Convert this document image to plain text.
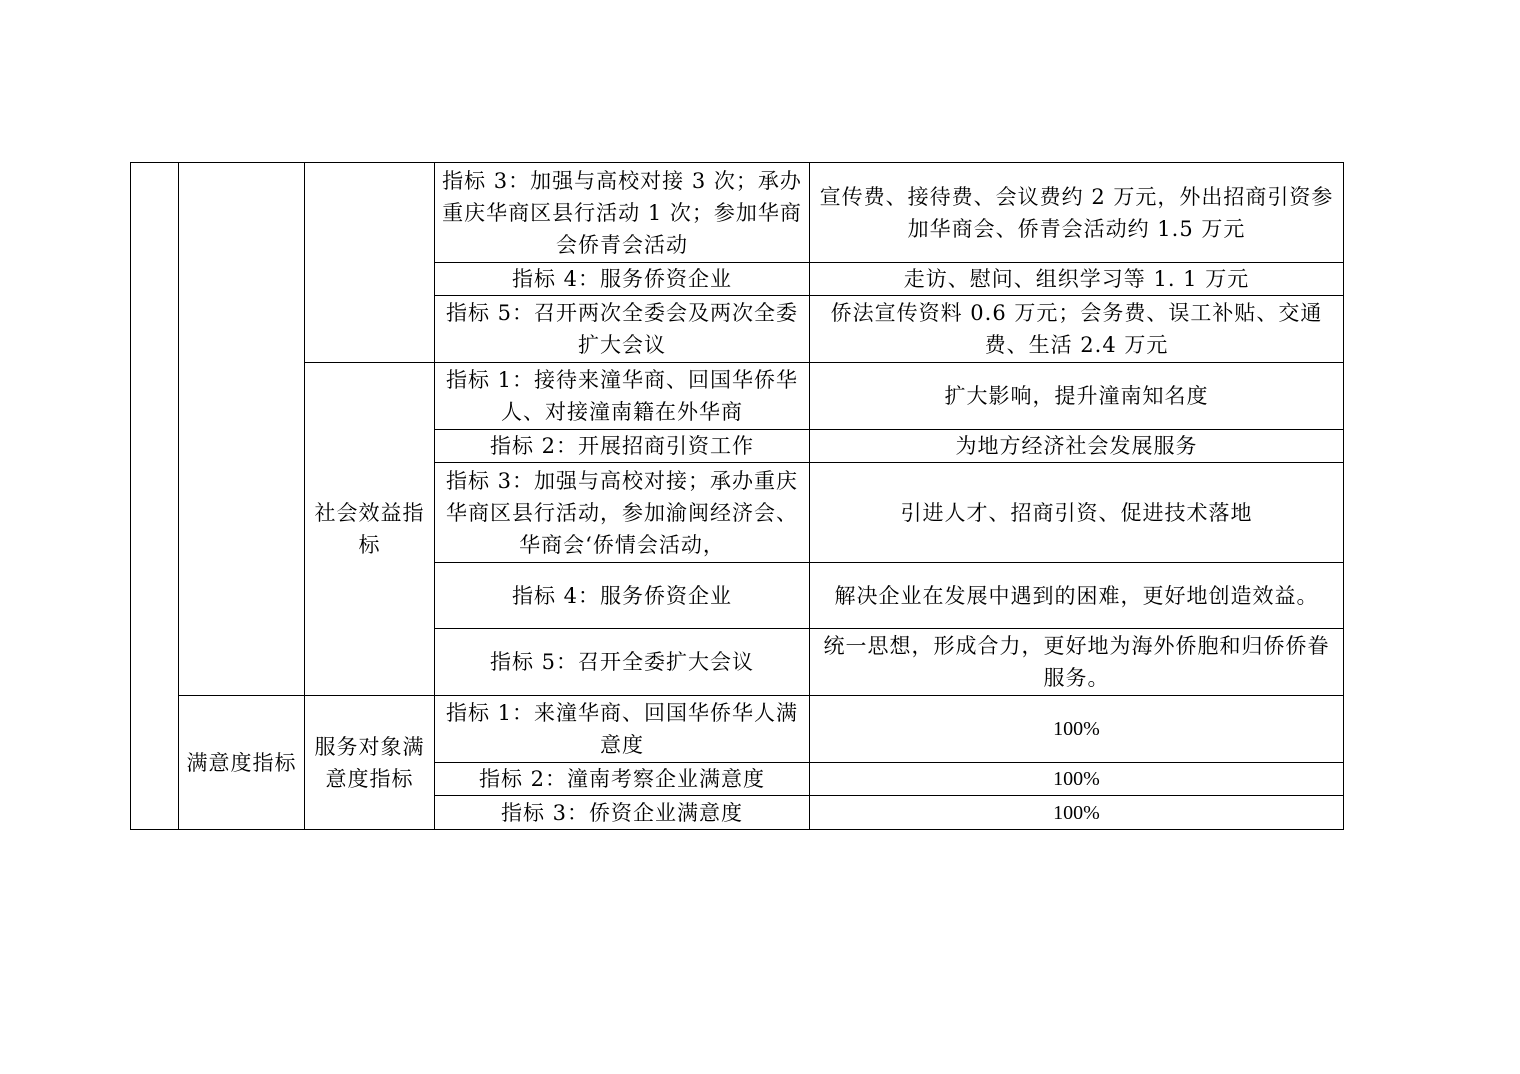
			指标 3：加强与高校对接 3 次；承办重庆华商区县行活动 1 次；参加华商会侨青会活动	宣传费、接待费、会议费约 2 万元，外出招商引资参加华商会、侨青会活动约 1.5 万元
			指标 4：服务侨资企业	走访、慰问、组织学习等 1. 1 万元
			指标 5：召开两次全委会及两次全委扩大会议	侨法宣传资料 0.6 万元；会务费、误工补贴、交通费、生活 2.4 万元
		社会效益指标	指标 1：接待来潼华商、回国华侨华人、对接潼南籍在外华商	扩大影响，提升潼南知名度
			指标 2：开展招商引资工作	为地方经济社会发展服务
			指标 3：加强与高校对接；承办重庆华商区县行活动，参加渝闽经济会、华商会‘侨情会活动，	引进人才、招商引资、促进技术落地
			指标 4：服务侨资企业	解决企业在发展中遇到的困难，更好地创造效益。
			指标 5：召开全委扩大会议	统一思想，形成合力，更好地为海外侨胞和归侨侨眷服务。
	满意度指标	服务对象满意度指标	指标 1：来潼华商、回国华侨华人满意度	100%
			指标 2：潼南考察企业满意度	100%
			指标 3：侨资企业满意度	100%
